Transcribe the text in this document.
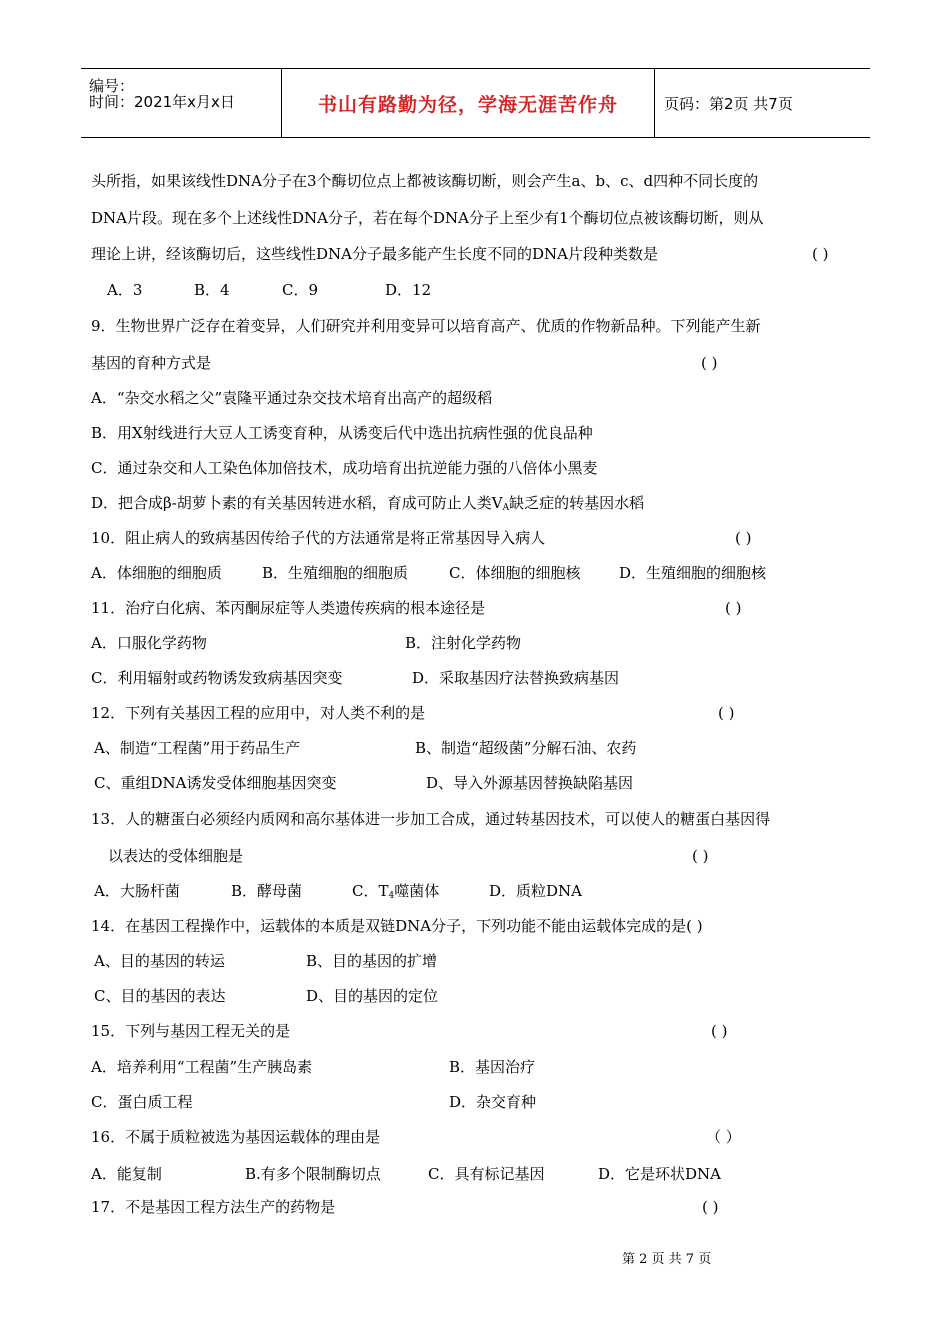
编号：
时间：2021年x月x日	书山有路勤为径，学海无涯苦作舟	页码：第2页 共7页
头所指，如果该线性DNA分子在3个酶切位点上都被该酶切断，则会产生a、b、c、d四种不同长度的
DNA片段。现在多个上述线性DNA分子，若在每个DNA分子上至少有1个酶切位点被该酶切断，则从
理论上讲，经该酶切后，这些线性DNA分子最多能产生长度不同的DNA片段种类数是	( )
A．3	B．4	C．9	D．12
9．生物世界广泛存在着变异，人们研究并利用变异可以培育高产、优质的作物新品种。下列能产生新
基因的育种方式是	( )
A．“杂交水稻之父”袁隆平通过杂交技术培育出高产的超级稻
B．用X射线进行大豆人工诱变育种，从诱变后代中选出抗病性强的优良品种
C．通过杂交和人工染色体加倍技术，成功培育出抗逆能力强的八倍体小黑麦
D．把合成β-胡萝卜素的有关基因转进水稻，育成可防止人类$V_A$缺乏症的转基因水稻
10．阻止病人的致病基因传给子代的方法通常是将正常基因导入病人	( )
A．体细胞的细胞质	B．生殖细胞的细胞质	C．体细胞的细胞核	D．生殖细胞的细胞核
11．治疗白化病、苯丙酮尿症等人类遗传疾病的根本途径是	( )
A．口服化学药物	B．注射化学药物
C．利用辐射或药物诱发致病基因突变	D．采取基因疗法替换致病基因
12．下列有关基因工程的应用中，对人类不利的是	( )
A、制造“工程菌”用于药品生产	B、制造“超级菌”分解石油、农药
C、重组DNA诱发受体细胞基因突变	D、导入外源基因替换缺陷基因
13．人的糖蛋白必须经内质网和高尔基体进一步加工合成，通过转基因技术，可以使人的糖蛋白基因得
以表达的受体细胞是	( )
A．大肠杆菌	B．酵母菌	C．$T_4$噬菌体	D．质粒DNA
14．在基因工程操作中，运载体的本质是双链DNA分子，下列功能不能由运载体完成的是( )
A、目的基因的转运	B、目的基因的扩增
C、目的基因的表达	D、目的基因的定位
15．下列与基因工程无关的是	( )
A．培养利用“工程菌”生产胰岛素	B．基因治疗
C．蛋白质工程	D．杂交育种
16．不属于质粒被选为基因运载体的理由是	（ ）
A．能复制	B.有多个限制酶切点	C．具有标记基因	D．它是环状DNA
17．不是基因工程方法生产的药物是	( )
第 2 页 共 7 页
